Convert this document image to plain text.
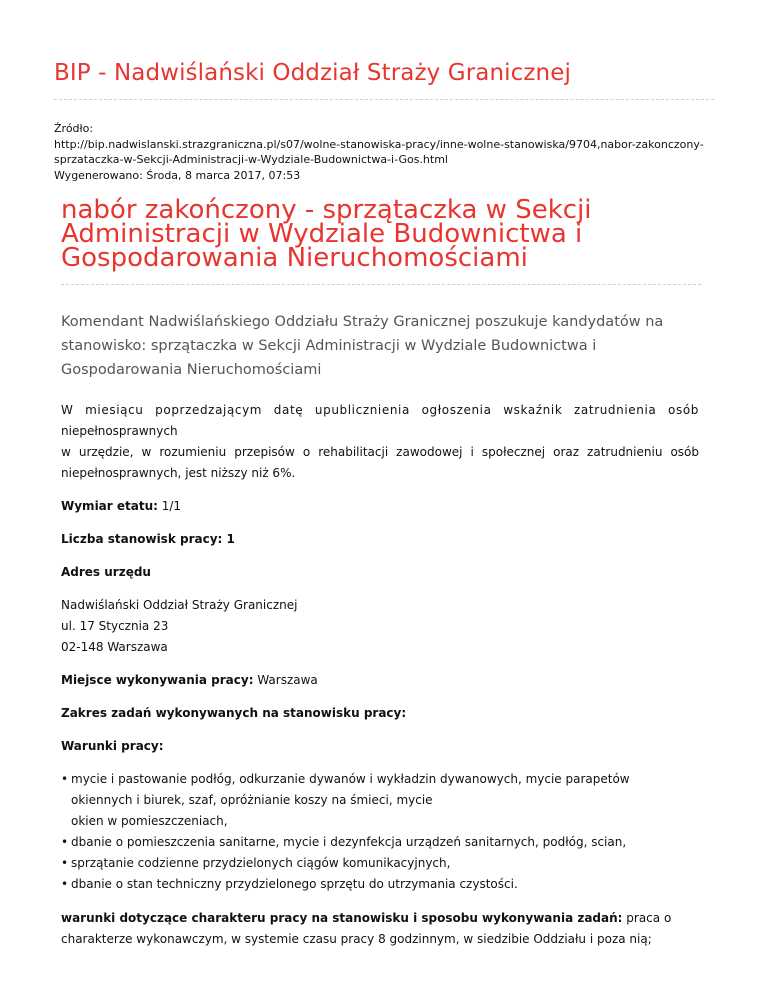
BIP - Nadwiślański Oddział Straży Granicznej
Źródło:
http://bip.nadwislanski.strazgraniczna.pl/s07/wolne-stanowiska-pracy/inne-wolne-stanowiska/9704,nabor-zakonczony-
sprzataczka-w-Sekcji-Administracji-w-Wydziale-Budownictwa-i-Gos.html
Wygenerowano: Środa, 8 marca 2017, 07:53
nabór zakończony - sprzątaczka w Sekcji
Administracji w Wydziale Budownictwa i
Gospodarowania Nieruchomościami
Komendant Nadwiślańskiego Oddziału Straży Granicznej poszukuje kandydatów na stanowisko: sprzątaczka w Sekcji Administracji w Wydziale Budownictwa i Gospodarowania Nieruchomościami

W miesiącu poprzedzającym datę upublicznienia ogłoszenia wskaźnik zatrudnienia osób
niepełnosprawnych
w urzędzie, w rozumieniu przepisów o rehabilitacji zawodowej i społecznej oraz zatrudnieniu osób
niepełnosprawnych, jest niższy niż 6%.

Wymiar etatu: 1/1

Liczba stanowisk pracy: 1

Adres urzędu

Nadwiślański Oddział Straży Granicznej
ul. 17 Stycznia 23
02-148 Warszawa

Miejsce wykonywania pracy: Warszawa

Zakres zadań wykonywanych na stanowisku pracy:

Warunki pracy:

• mycie i pastowanie podłóg, odkurzanie dywanów i wykładzin dywanowych, mycie parapetów
okiennych i biurek, szaf, opróżnianie koszy na śmieci, mycie
okien w pomieszczeniach,
• dbanie o pomieszczenia sanitarne, mycie i dezynfekcja urządzeń sanitarnych, podłóg, scian,
• sprzątanie codzienne przydzielonych ciągów komunikacyjnych,
• dbanie o stan techniczny przydzielonego sprzętu do utrzymania czystości.

warunki dotyczące charakteru pracy na stanowisku i sposobu wykonywania zadań: praca o
charakterze wykonawczym, w systemie czasu pracy 8 godzinnym, w siedzibie Oddziału i poza nią;
